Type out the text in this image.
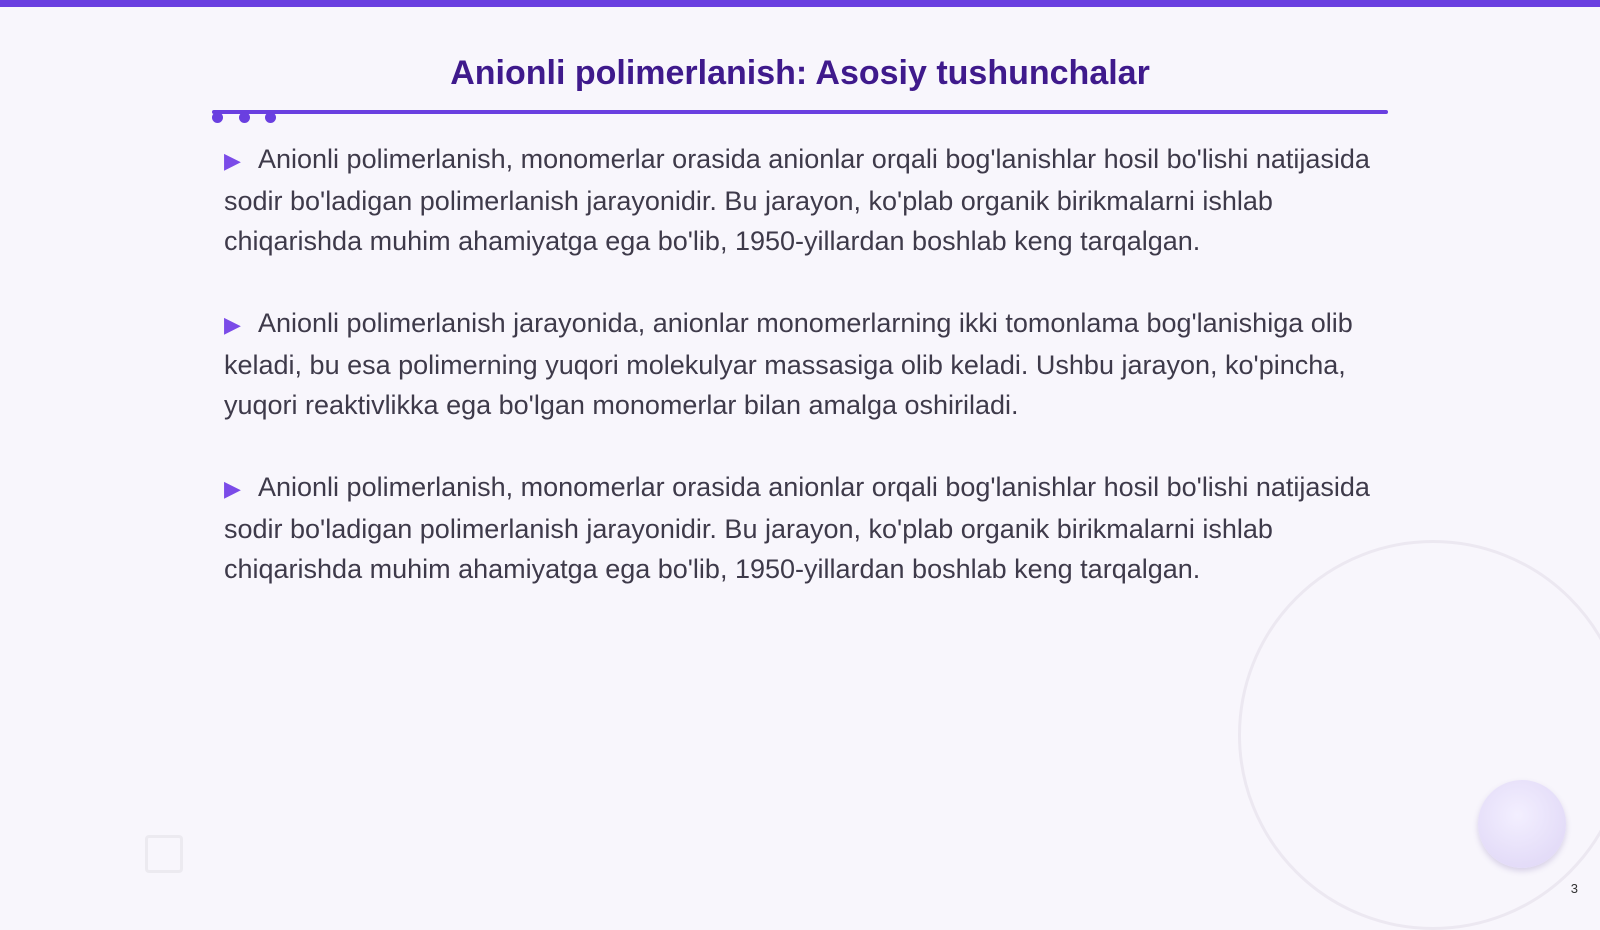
Anionli polimerlanish: Asosiy tushunchalar

▶ Anionli polimerlanish, monomerlar orasida anionlar orqali bog'lanishlar hosil bo'lishi natijasida sodir bo'ladigan polimerlanish jarayonidir. Bu jarayon, ko'plab organik birikmalarni ishlab chiqarishda muhim ahamiyatga ega bo'lib, 1950-yillardan boshlab keng tarqalgan.

▶ Anionli polimerlanish jarayonida, anionlar monomerlarning ikki tomonlama bog'lanishiga olib keladi, bu esa polimerning yuqori molekulyar massasiga olib keladi. Ushbu jarayon, ko'pincha, yuqori reaktivlikka ega bo'lgan monomerlar bilan amalga oshiriladi.

▶ Anionli polimerlanish, monomerlar orasida anionlar orqali bog'lanishlar hosil bo'lishi natijasida sodir bo'ladigan polimerlanish jarayonidir. Bu jarayon, ko'plab organik birikmalarni ishlab chiqarishda muhim ahamiyatga ega bo'lib, 1950-yillardan boshlab keng tarqalgan.

3
